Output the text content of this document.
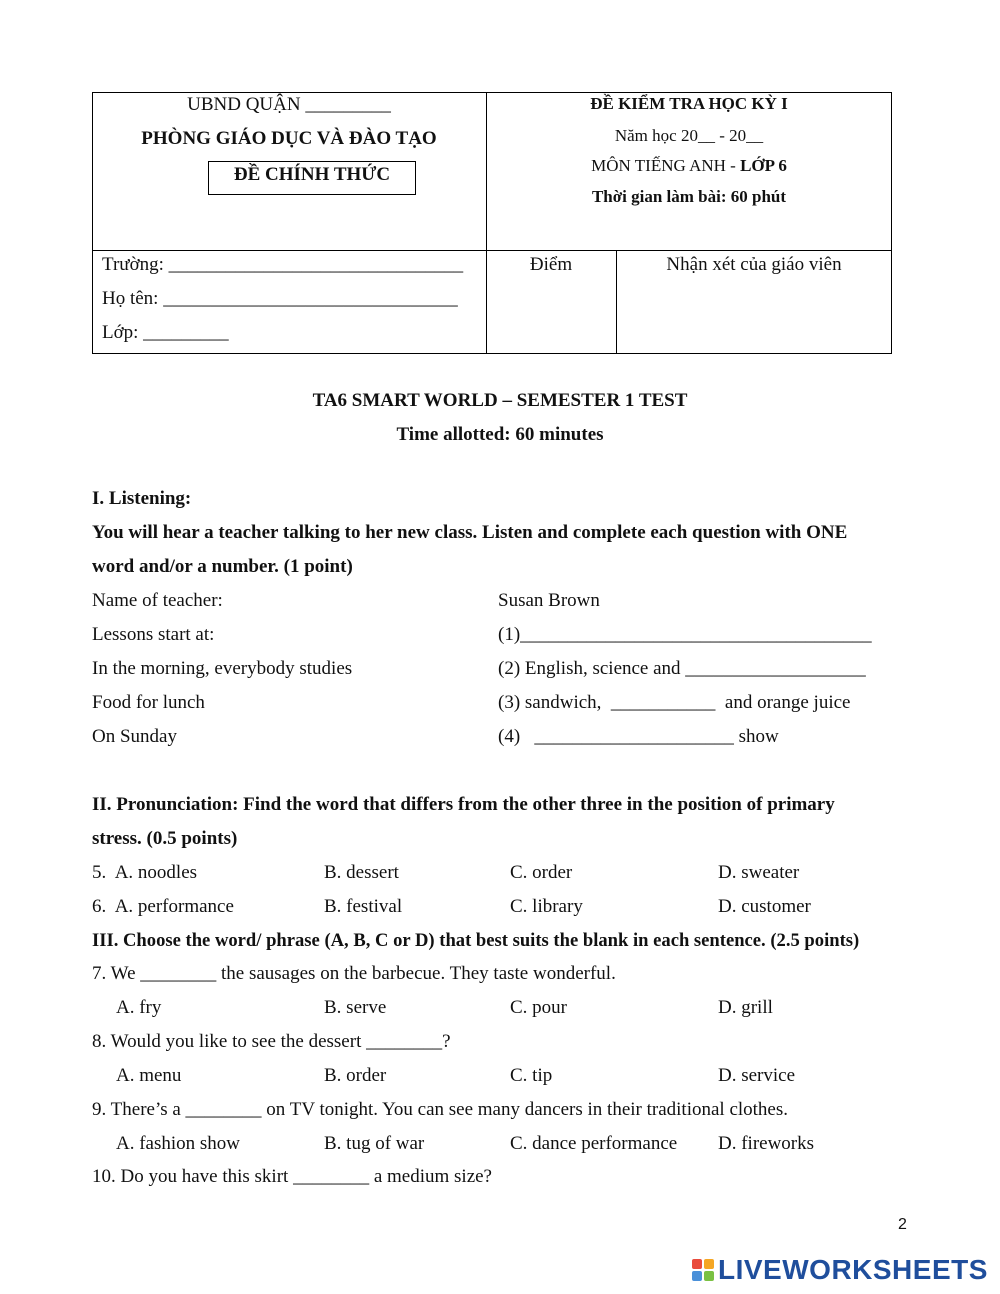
UBND QUẬN _________
PHÒNG GIÁO DỤC VÀ ĐÀO TẠO
ĐỀ CHÍNH THỨC
ĐỀ KIỂM TRA HỌC KỲ I
Năm học 20__ - 20__
MÔN TIẾNG ANH - LỚP 6
Thời gian làm bài: 60 phút
Trường: _______________________________
Họ tên: _______________________________
Lớp: _________
Điểm	Nhận xét của giáo viên
TA6 SMART WORLD – SEMESTER 1 TEST
Time allotted: 60 minutes
I. Listening:
You will hear a teacher talking to her new class. Listen and complete each question with ONE
word and/or a number. (1 point)
Name of teacher:	Susan Brown
Lessons start at:	(1)_____________________________________
In the morning, everybody studies	(2) English, science and ___________________
Food for lunch	(3) sandwich,  ___________  and orange juice
On Sunday	(4)   _____________________ show
II. Pronunciation: Find the word that differs from the other three in the position of primary
stress. (0.5 points)
5.  A. noodles	B. dessert	C. order	D. sweater
6.  A. performance	B. festival	C. library	D. customer
III. Choose the word/ phrase (A, B, C or D) that best suits the blank in each sentence. (2.5 points)
7. We ________ the sausages on the barbecue. They taste wonderful.
A. fry	B. serve	C. pour	D. grill
8. Would you like to see the dessert ________?
A. menu	B. order	C. tip	D. service
9. There’s a ________ on TV tonight. You can see many dancers in their traditional clothes.
A. fashion show	B. tug of war	C. dance performance D. fireworks
10. Do you have this skirt ________ a medium size?
2
LIVEWORKSHEETS
